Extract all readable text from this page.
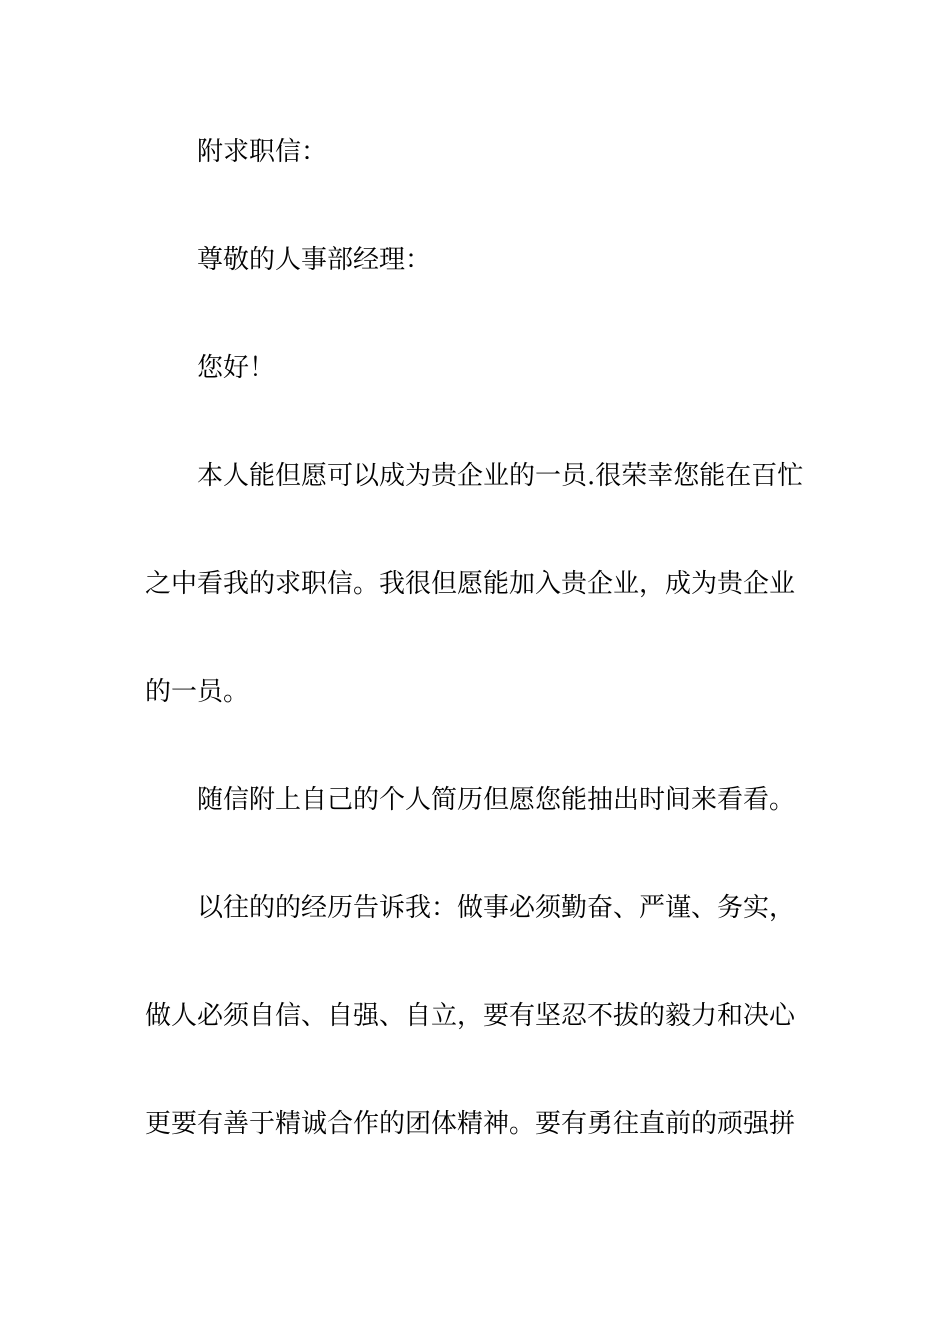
附求职信：
尊敬的人事部经理：
您好！
本人能但愿可以成为贵企业的一员.很荣幸您能在百忙
之中看我的求职信。我很但愿能加入贵企业，成为贵企业
的一员。
随信附上自己的个人简历但愿您能抽出时间来看看。
以往的的经历告诉我：做事必须勤奋、严谨、务实，
做人必须自信、自强、自立，要有坚忍不拔的毅力和决心
更要有善于精诚合作的团体精神。要有勇往直前的顽强拼
